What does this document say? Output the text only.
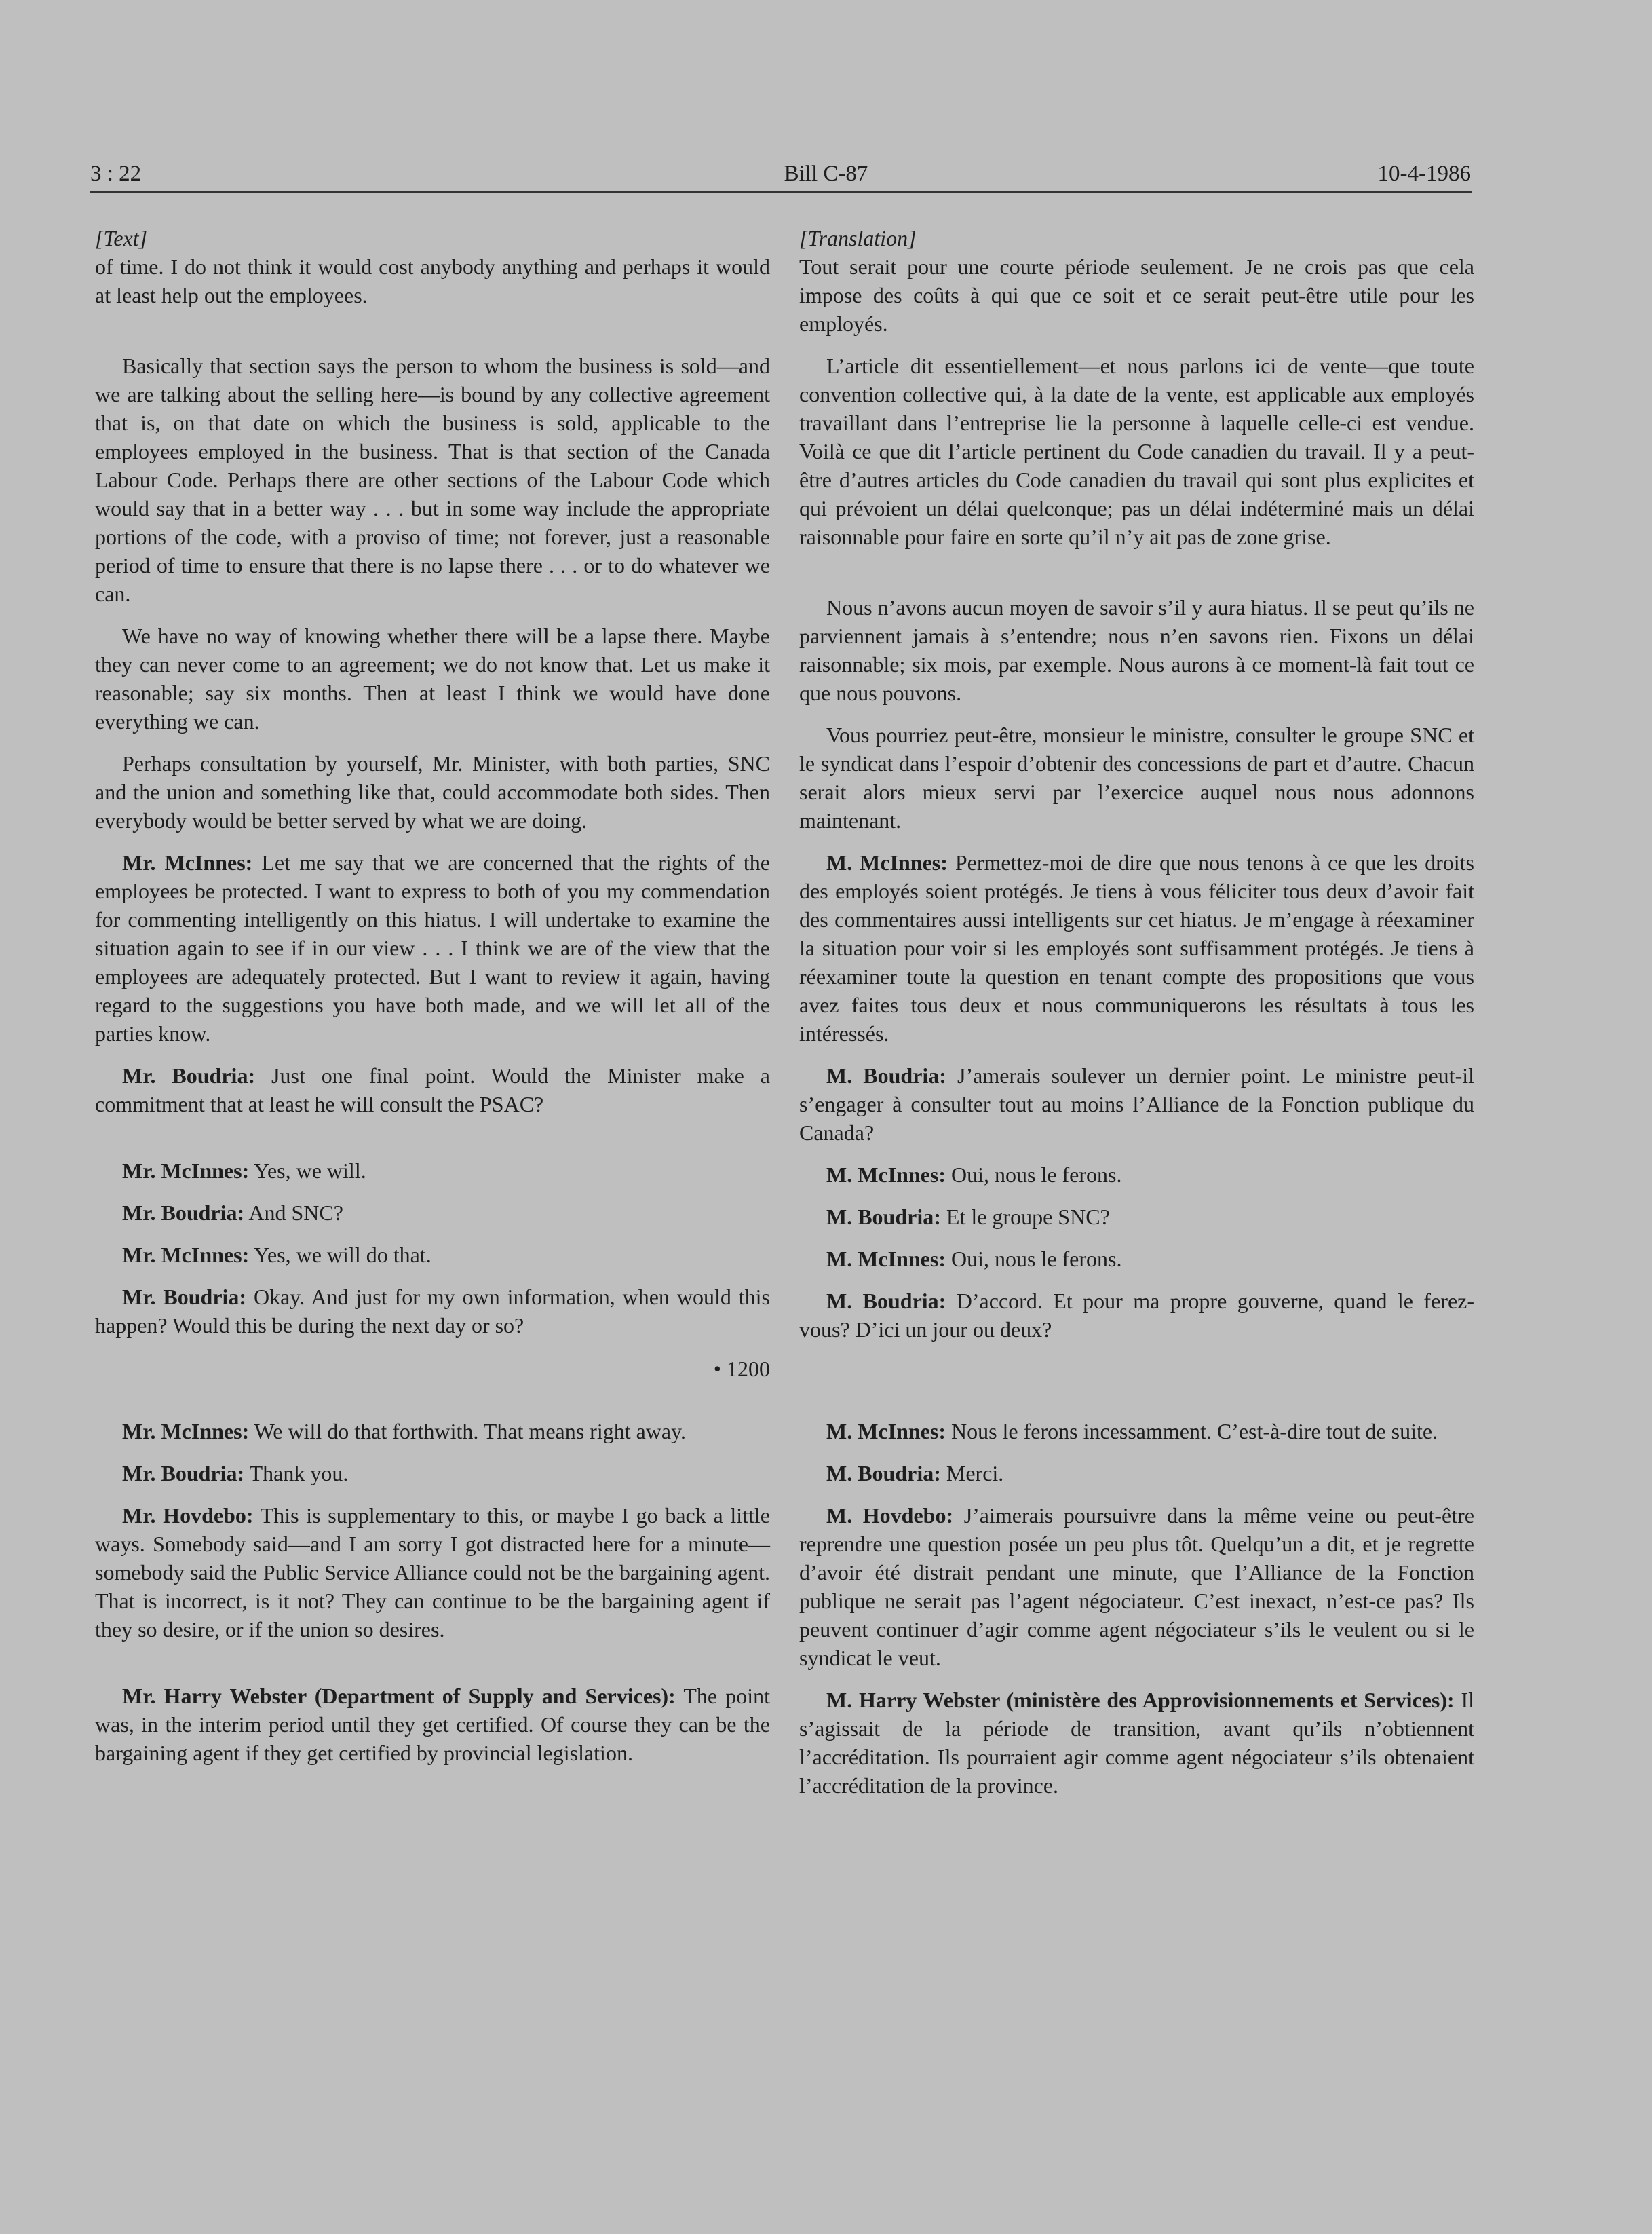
3 : 22	Bill C-87	10-4-1986

[Text]

of time. I do not think it would cost anybody anything and perhaps it would at least help out the employees.

Basically that section says the person to whom the business is sold—and we are talking about the selling here—is bound by any collective agreement that is, on that date on which the business is sold, applicable to the employees employed in the business. That is that section of the Canada Labour Code. Perhaps there are other sections of the Labour Code which would say that in a better way . . . but in some way include the appropriate portions of the code, with a proviso of time; not forever, just a reasonable period of time to ensure that there is no lapse there . . . or to do whatever we can.

We have no way of knowing whether there will be a lapse there. Maybe they can never come to an agreement; we do not know that. Let us make it reasonable; say six months. Then at least I think we would have done everything we can.

Perhaps consultation by yourself, Mr. Minister, with both parties, SNC and the union and something like that, could accommodate both sides. Then everybody would be better served by what we are doing.

Mr. McInnes: Let me say that we are concerned that the rights of the employees be protected. I want to express to both of you my commendation for commenting intelligently on this hiatus. I will undertake to examine the situation again to see if in our view . . . I think we are of the view that the employees are adequately protected. But I want to review it again, having regard to the suggestions you have both made, and we will let all of the parties know.

Mr. Boudria: Just one final point. Would the Minister make a commitment that at least he will consult the PSAC?

Mr. McInnes: Yes, we will.

Mr. Boudria: And SNC?

Mr. McInnes: Yes, we will do that.

Mr. Boudria: Okay. And just for my own information, when would this happen? Would this be during the next day or so?

• 1200

Mr. McInnes: We will do that forthwith. That means right away.

Mr. Boudria: Thank you.

Mr. Hovdebo: This is supplementary to this, or maybe I go back a little ways. Somebody said—and I am sorry I got distracted here for a minute—somebody said the Public Service Alliance could not be the bargaining agent. That is incorrect, is it not? They can continue to be the bargaining agent if they so desire, or if the union so desires.

Mr. Harry Webster (Department of Supply and Services): The point was, in the interim period until they get certified. Of course they can be the bargaining agent if they get certified by provincial legislation.

[Translation]

Tout serait pour une courte période seulement. Je ne crois pas que cela impose des coûts à qui que ce soit et ce serait peut-être utile pour les employés.

L’article dit essentiellement—et nous parlons ici de vente—que toute convention collective qui, à la date de la vente, est applicable aux employés travaillant dans l’entreprise lie la personne à laquelle celle-ci est vendue. Voilà ce que dit l’article pertinent du Code canadien du travail. Il y a peut-être d’autres articles du Code canadien du travail qui sont plus explicites et qui prévoient un délai quelconque; pas un délai indéterminé mais un délai raisonnable pour faire en sorte qu’il n’y ait pas de zone grise.

Nous n’avons aucun moyen de savoir s’il y aura hiatus. Il se peut qu’ils ne parviennent jamais à s’entendre; nous n’en savons rien. Fixons un délai raisonnable; six mois, par exemple. Nous aurons à ce moment-là fait tout ce que nous pouvons.

Vous pourriez peut-être, monsieur le ministre, consulter le groupe SNC et le syndicat dans l’espoir d’obtenir des concessions de part et d’autre. Chacun serait alors mieux servi par l’exercice auquel nous nous adonnons maintenant.

M. McInnes: Permettez-moi de dire que nous tenons à ce que les droits des employés soient protégés. Je tiens à vous féliciter tous deux d’avoir fait des commentaires aussi intelligents sur cet hiatus. Je m’engage à réexaminer la situation pour voir si les employés sont suffisamment protégés. Je tiens à réexaminer toute la question en tenant compte des propositions que vous avez faites tous deux et nous communiquerons les résultats à tous les intéressés.

M. Boudria: J’amerais soulever un dernier point. Le ministre peut-il s’engager à consulter tout au moins l’Alliance de la Fonction publique du Canada?

M. McInnes: Oui, nous le ferons.

M. Boudria: Et le groupe SNC?

M. McInnes: Oui, nous le ferons.

M. Boudria: D’accord. Et pour ma propre gouverne, quand le ferez-vous? D’ici un jour ou deux?

M. McInnes: Nous le ferons incessamment. C’est-à-dire tout de suite.

M. Boudria: Merci.

M. Hovdebo: J’aimerais poursuivre dans la même veine ou peut-être reprendre une question posée un peu plus tôt. Quelqu’un a dit, et je regrette d’avoir été distrait pendant une minute, que l’Alliance de la Fonction publique ne serait pas l’agent négociateur. C’est inexact, n’est-ce pas? Ils peuvent continuer d’agir comme agent négociateur s’ils le veulent ou si le syndicat le veut.

M. Harry Webster (ministère des Approvisionnements et Services): Il s’agissait de la période de transition, avant qu’ils n’obtiennent l’accréditation. Ils pourraient agir comme agent négociateur s’ils obtenaient l’accréditation de la province.
